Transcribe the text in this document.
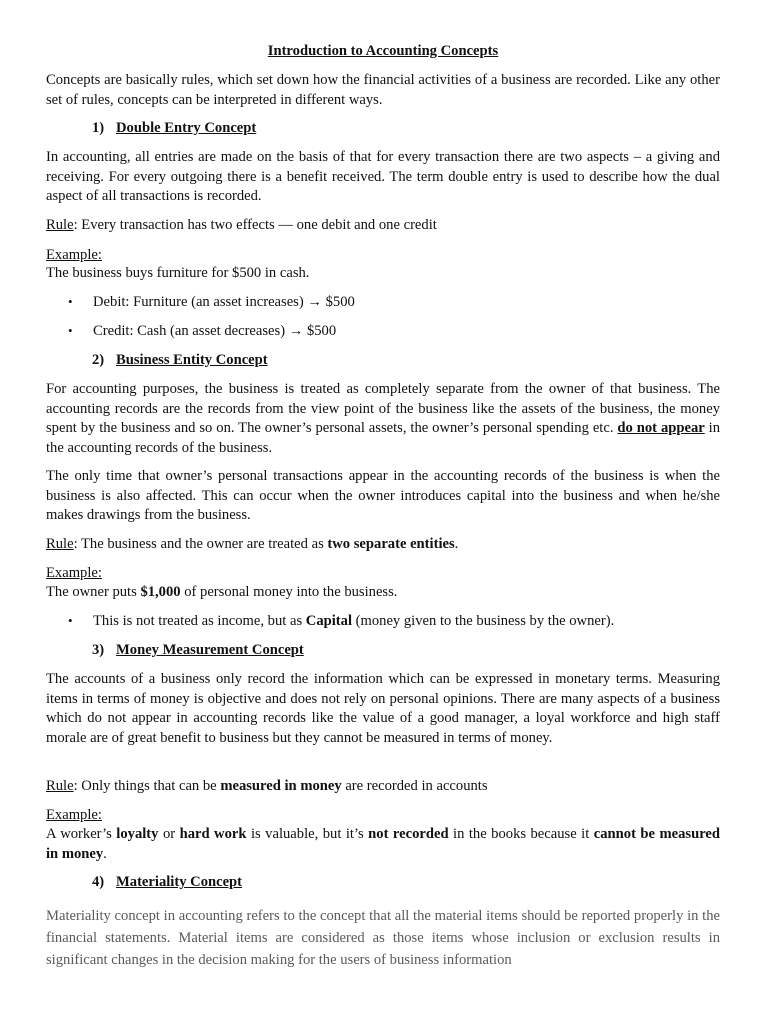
Introduction to Accounting Concepts

Concepts are basically rules, which set down how the financial activities of a business are recorded. Like any other set of rules, concepts can be interpreted in different ways.

1) Double Entry Concept

In accounting, all entries are made on the basis of that for every transaction there are two aspects – a giving and receiving. For every outgoing there is a benefit received. The term double entry is used to describe how the dual aspect of all transactions is recorded.

Rule: Every transaction has two effects — one debit and one credit

Example:

The business buys furniture for $500 in cash.

• Debit: Furniture (an asset increases) → $500
• Credit: Cash (an asset decreases) → $500

2) Business Entity Concept

For accounting purposes, the business is treated as completely separate from the owner of that business. The accounting records are the records from the view point of the business like the assets of the business, the money spent by the business and so on. The owner’s personal assets, the owner’s personal spending etc. do not appear in the accounting records of the business.

The only time that owner’s personal transactions appear in the accounting records of the business is when the business is also affected. This can occur when the owner introduces capital into the business and when he/she makes drawings from the business.

Rule: The business and the owner are treated as two separate entities.

Example:

The owner puts $1,000 of personal money into the business.

• This is not treated as income, but as Capital (money given to the business by the owner).

3) Money Measurement Concept

The accounts of a business only record the information which can be expressed in monetary terms. Measuring items in terms of money is objective and does not rely on personal opinions. There are many aspects of a business which do not appear in accounting records like the value of a good manager, a loyal workforce and high staff morale are of great benefit to business but they cannot be measured in terms of money.

Rule: Only things that can be measured in money are recorded in accounts

Example:

A worker’s loyalty or hard work is valuable, but it’s not recorded in the books because it cannot be measured in money.

4) Materiality Concept

Materiality concept in accounting refers to the concept that all the material items should be reported properly in the financial statements. Material items are considered as those items whose inclusion or exclusion results in significant changes in the decision making for the users of business information
